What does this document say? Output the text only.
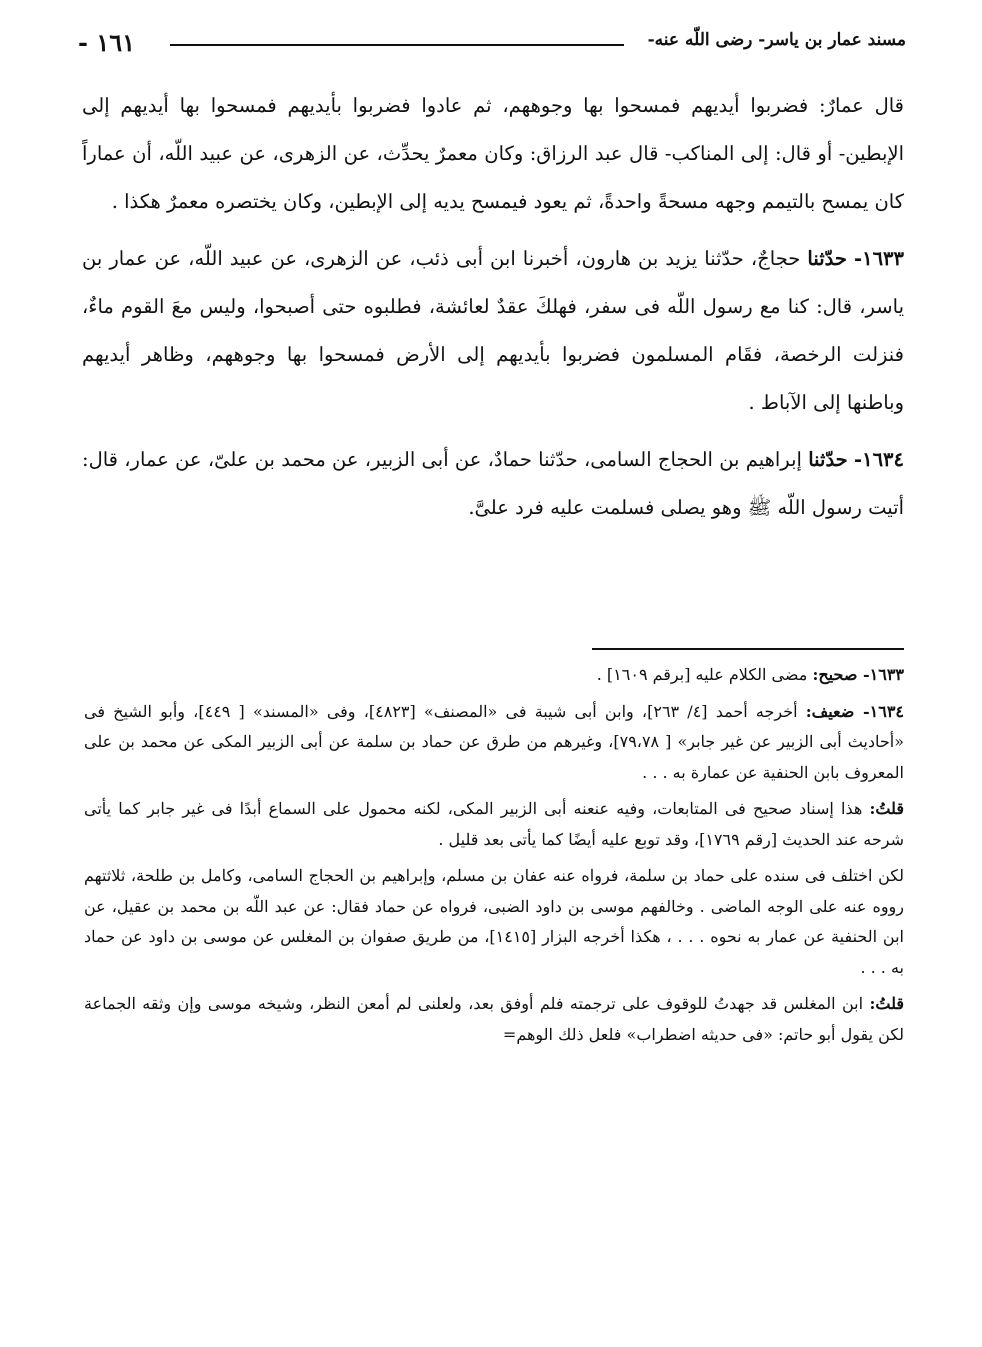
مسند عمار بن ياسر- رضى اللّه عنه-
- ١٦١

قال عمارٌ: فضربوا أيديهم فمسحوا بها وجوههم، ثم عادوا فضربوا بأيديهم فمسحوا بها أيديهم إلى الإبطين- أو قال: إلى المناكب- قال عبد الرزاق: وكان معمرٌ يحدِّث، عن الزهرى، عن عبيد اللّه، أن عماراً كان يمسح بالتيمم وجهه مسحةً واحدةً، ثم يعود فيمسح يديه إلى الإبطين، وكان يختصره معمرٌ هكذا .

١٦٣٣- حدّثنا حجاجٌ، حدّثنا يزيد بن هارون، أخبرنا ابن أبى ذئب، عن الزهرى، عن عبيد اللّه، عن عمار بن ياسر، قال: كنا مع رسول اللّه فى سفر، فهلكَ عقدٌ لعائشة، فطلبوه حتى أصبحوا، وليس معَ القوم ماءٌ، فنزلت الرخصة، فقَام المسلمون فضربوا بأيديهم إلى الأرض فمسحوا بها وجوههم، وظاهر أيديهم وباطنها إلى الآباط .

١٦٣٤- حدّثنا إبراهيم بن الحجاج السامى، حدّثنا حمادٌ، عن أبى الزبير، عن محمد بن علىّ، عن عمار، قال: أتيت رسول اللّه ﷺ وهو يصلى فسلمت عليه فرد علىَّ.

١٦٣٣- صحيح: مضى الكلام عليه [برقم ١٦٠٩] .

١٦٣٤- ضعيف: أخرجه أحمد [٤/ ٢٦٣]، وابن أبى شيبة فى «المصنف» [٤٨٢٣]، وفى «المسند» [ ٤٤٩]، وأبو الشيخ فى «أحاديث أبى الزبير عن غير جابر» [ ٧٩،٧٨]، وغيرهم من طرق عن حماد بن سلمة عن أبى الزبير المكى عن محمد بن على المعروف بابن الحنفية عن عمارة به . . .

قلتُ: هذا إسناد صحيح فى المتابعات، وفيه عنعنه أبى الزبير المكى، لكنه محمول على السماع أبدًا فى غير جابر كما يأتى شرحه عند الحديث [رقم ١٧٦٩]، وقد توبع عليه أيضًا كما يأتى بعد قليل .

لكن اختلف فى سنده على حماد بن سلمة، فرواه عنه عفان بن مسلم، وإبراهيم بن الحجاج السامى، وكامل بن طلحة، ثلاثتهم رووه عنه على الوجه الماضى . وخالفهم موسى بن داود الضبى، فرواه عن حماد فقال: عن عبد اللّه بن محمد بن عقيل، عن ابن الحنفية عن عمار به نحوه . . . ، هكذا أخرجه البزار [١٤١٥]، من طريق صفوان بن المغلس عن موسى بن داود عن حماد به . . .

قلتُ: ابن المغلس قد جهدتُ للوقوف على ترجمته فلم أوفق بعد، ولعلنى لم أمعن النظر، وشيخه موسى وإن وثقه الجماعة لكن يقول أبو حاتم: «فى حديثه اضطراب» فلعل ذلك الوهم=
